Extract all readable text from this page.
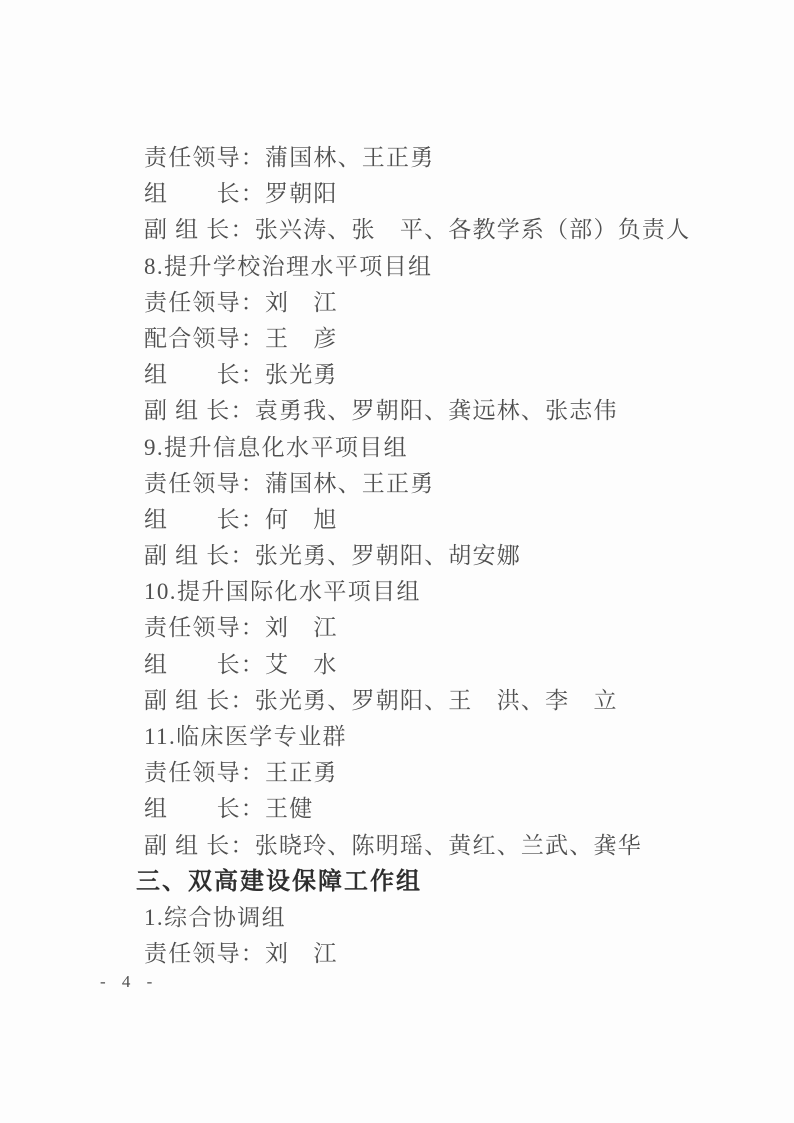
责任领导：蒲国林、王正勇
组　　长：罗朝阳
副 组 长：张兴涛、张　平、各教学系（部）负责人
8.提升学校治理水平项目组
责任领导：刘　江
配合领导：王　彦
组　　长：张光勇
副 组 长：袁勇我、罗朝阳、龚远林、张志伟
9.提升信息化水平项目组
责任领导：蒲国林、王正勇
组　　长：何　旭
副 组 长：张光勇、罗朝阳、胡安娜
10.提升国际化水平项目组
责任领导：刘　江
组　　长：艾　水
副 组 长：张光勇、罗朝阳、王　洪、李　立
11.临床医学专业群
责任领导：王正勇
组　　长：王健
副 组 长：张晓玲、陈明瑶、黄红、兰武、龚华
三、双高建设保障工作组
1.综合协调组
责任领导：刘　江
- 4 -
